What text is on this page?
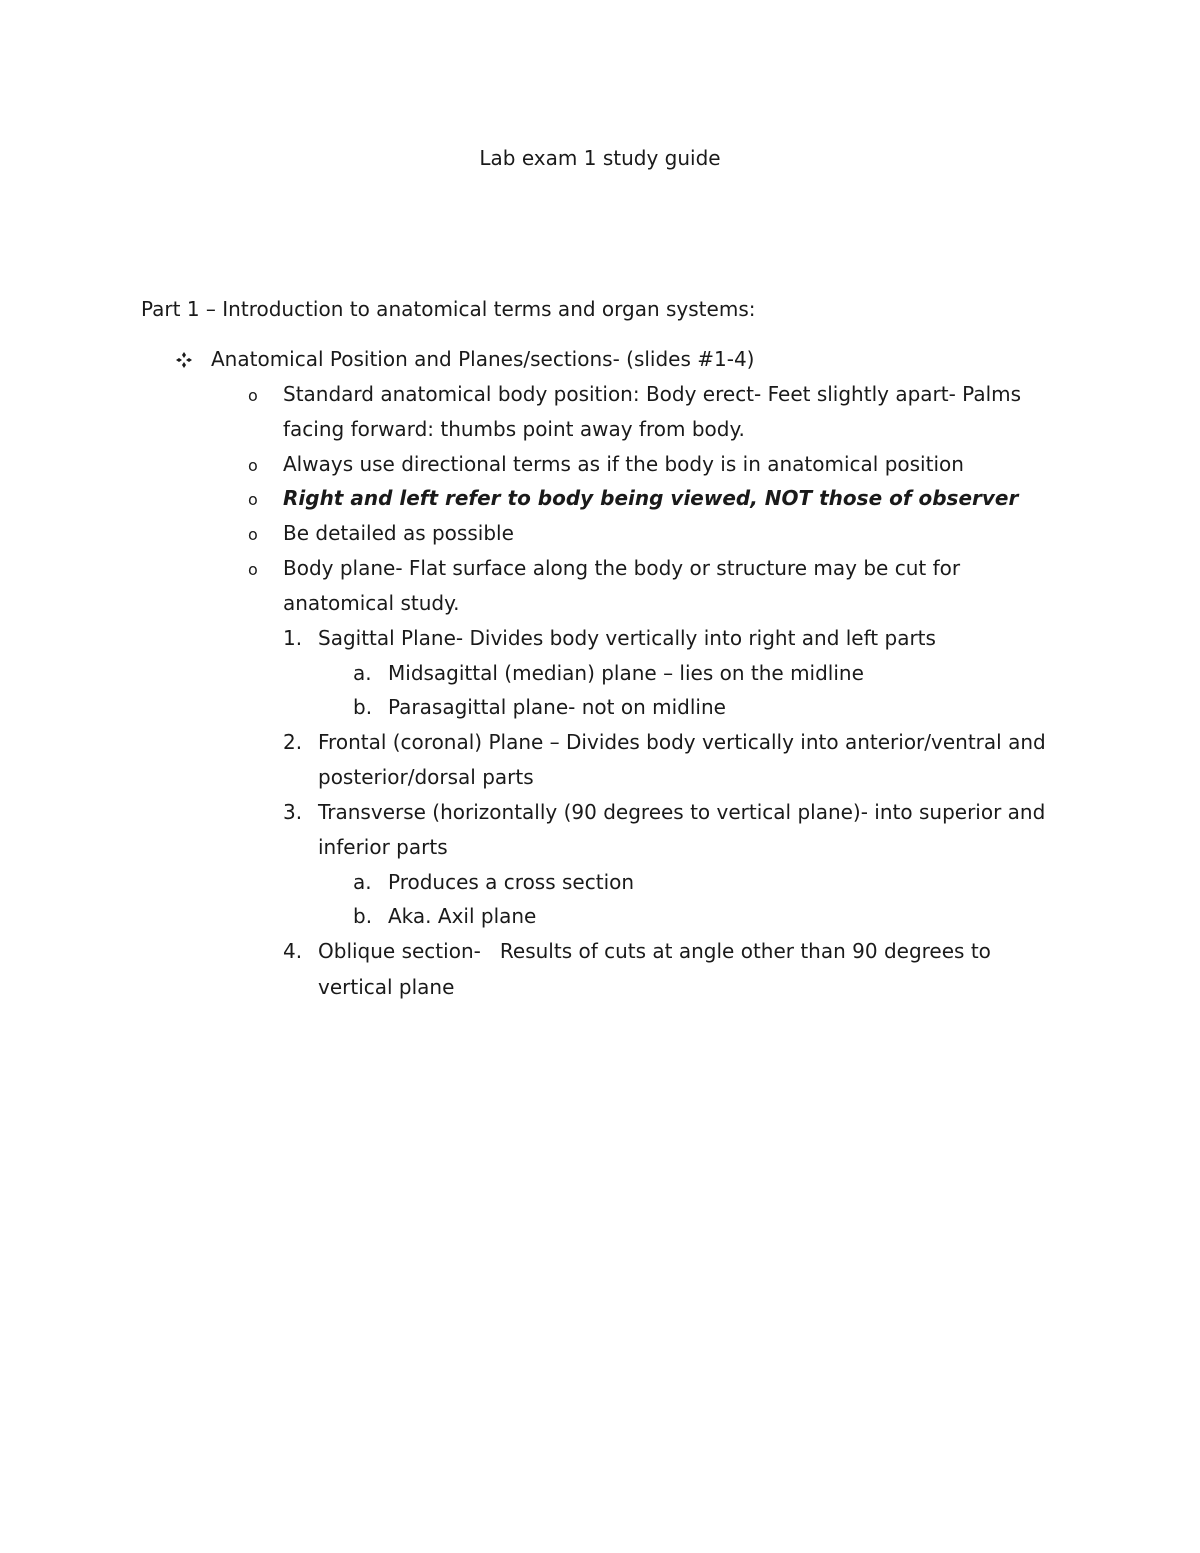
Lab exam 1 study guide
Part 1 – Introduction to anatomical terms and organ systems:
Anatomical Position and Planes/sections- (slides #1-4)
o Standard anatomical body position: Body erect- Feet slightly apart- Palms
facing forward: thumbs point away from body.
o Always use directional terms as if the body is in anatomical position
o Right and left refer to body being viewed, NOT those of observer
o Be detailed as possible
o Body plane- Flat surface along the body or structure may be cut for
anatomical study.
1. Sagittal Plane- Divides body vertically into right and left parts
a. Midsagittal (median) plane – lies on the midline
b. Parasagittal plane- not on midline
2. Frontal (coronal) Plane – Divides body vertically into anterior/ventral and
posterior/dorsal parts
3. Transverse (horizontally (90 degrees to vertical plane)- into superior and
inferior parts
a. Produces a cross section
b. Aka. Axil plane
4. Oblique section-   Results of cuts at angle other than 90 degrees to
vertical plane
